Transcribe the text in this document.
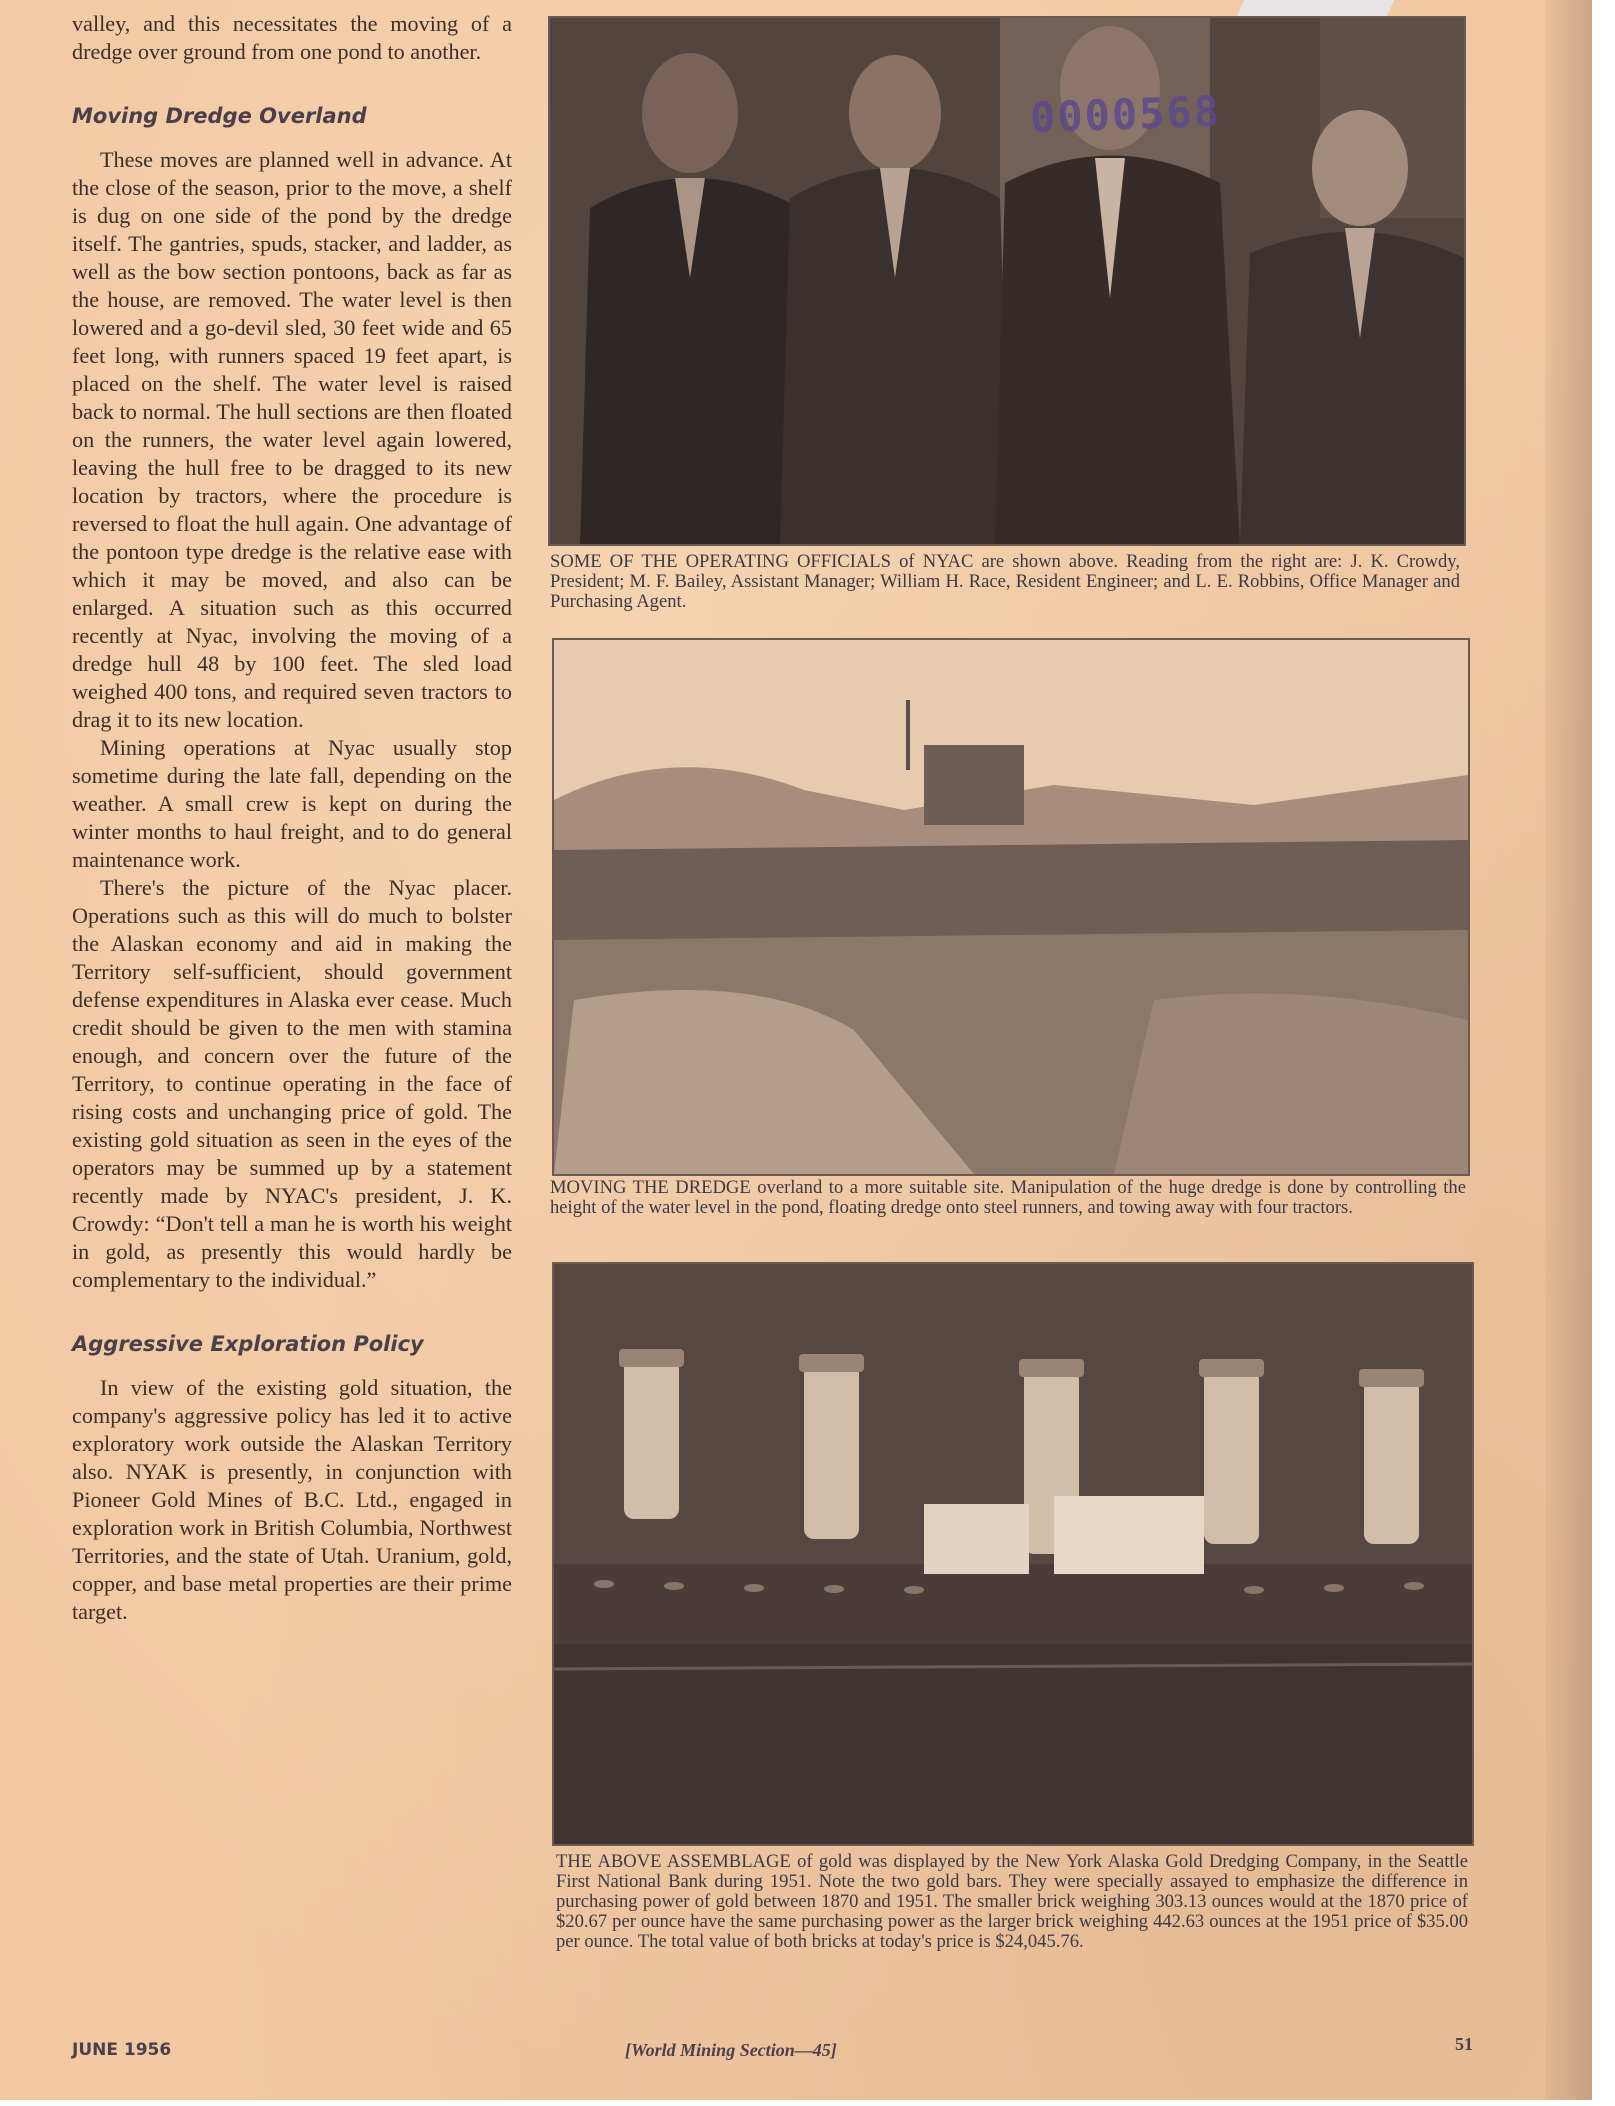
valley, and this necessitates the moving of a dredge over ground from one pond to another.

Moving Dredge Overland

These moves are planned well in advance. At the close of the season, prior to the move, a shelf is dug on one side of the pond by the dredge itself. The gantries, spuds, stacker, and ladder, as well as the bow section pontoons, back as far as the house, are removed. The water level is then lowered and a go-devil sled, 30 feet wide and 65 feet long, with runners spaced 19 feet apart, is placed on the shelf. The water level is raised back to normal. The hull sections are then floated on the runners, the water level again lowered, leaving the hull free to be dragged to its new location by tractors, where the procedure is reversed to float the hull again. One advantage of the pontoon type dredge is the relative ease with which it may be moved, and also can be enlarged. A situation such as this occurred recently at Nyac, involving the moving of a dredge hull 48 by 100 feet. The sled load weighed 400 tons, and required seven tractors to drag it to its new location.

Mining operations at Nyac usually stop sometime during the late fall, depending on the weather. A small crew is kept on during the winter months to haul freight, and to do general maintenance work.

There's the picture of the Nyac placer. Operations such as this will do much to bolster the Alaskan economy and aid in making the Territory self-sufficient, should government defense expenditures in Alaska ever cease. Much credit should be given to the men with stamina enough, and concern over the future of the Territory, to continue operating in the face of rising costs and unchanging price of gold. The existing gold situation as seen in the eyes of the operators may be summed up by a statement recently made by NYAC's president, J. K. Crowdy: “Don't tell a man he is worth his weight in gold, as presently this would hardly be complementary to the individual.”

Aggressive Exploration Policy

In view of the existing gold situation, the company's aggressive policy has led it to active exploratory work outside the Alaskan Territory also. NYAK is presently, in conjunction with Pioneer Gold Mines of B.C. Ltd., engaged in exploration work in British Columbia, Northwest Territories, and the state of Utah. Uranium, gold, copper, and base metal properties are their prime target.

0000568
SOME OF THE OPERATING OFFICIALS of NYAC are shown above. Reading from the right are: J. K. Crowdy, President; M. F. Bailey, Assistant Manager; William H. Race, Resident Engineer; and L. E. Robbins, Office Manager and Purchasing Agent.
MOVING THE DREDGE overland to a more suitable site. Manipulation of the huge dredge is done by controlling the height of the water level in the pond, floating dredge onto steel runners, and towing away with four tractors.
THE ABOVE ASSEMBLAGE of gold was displayed by the New York Alaska Gold Dredging Company, in the Seattle First National Bank during 1951. Note the two gold bars. They were specially assayed to emphasize the difference in purchasing power of gold between 1870 and 1951. The smaller brick weighing 303.13 ounces would at the 1870 price of $20.67 per ounce have the same purchasing power as the larger brick weighing 442.63 ounces at the 1951 price of $35.00 per ounce. The total value of both bricks at today's price is $24,045.76.
JUNE 1956	[World Mining Section—45]	51
